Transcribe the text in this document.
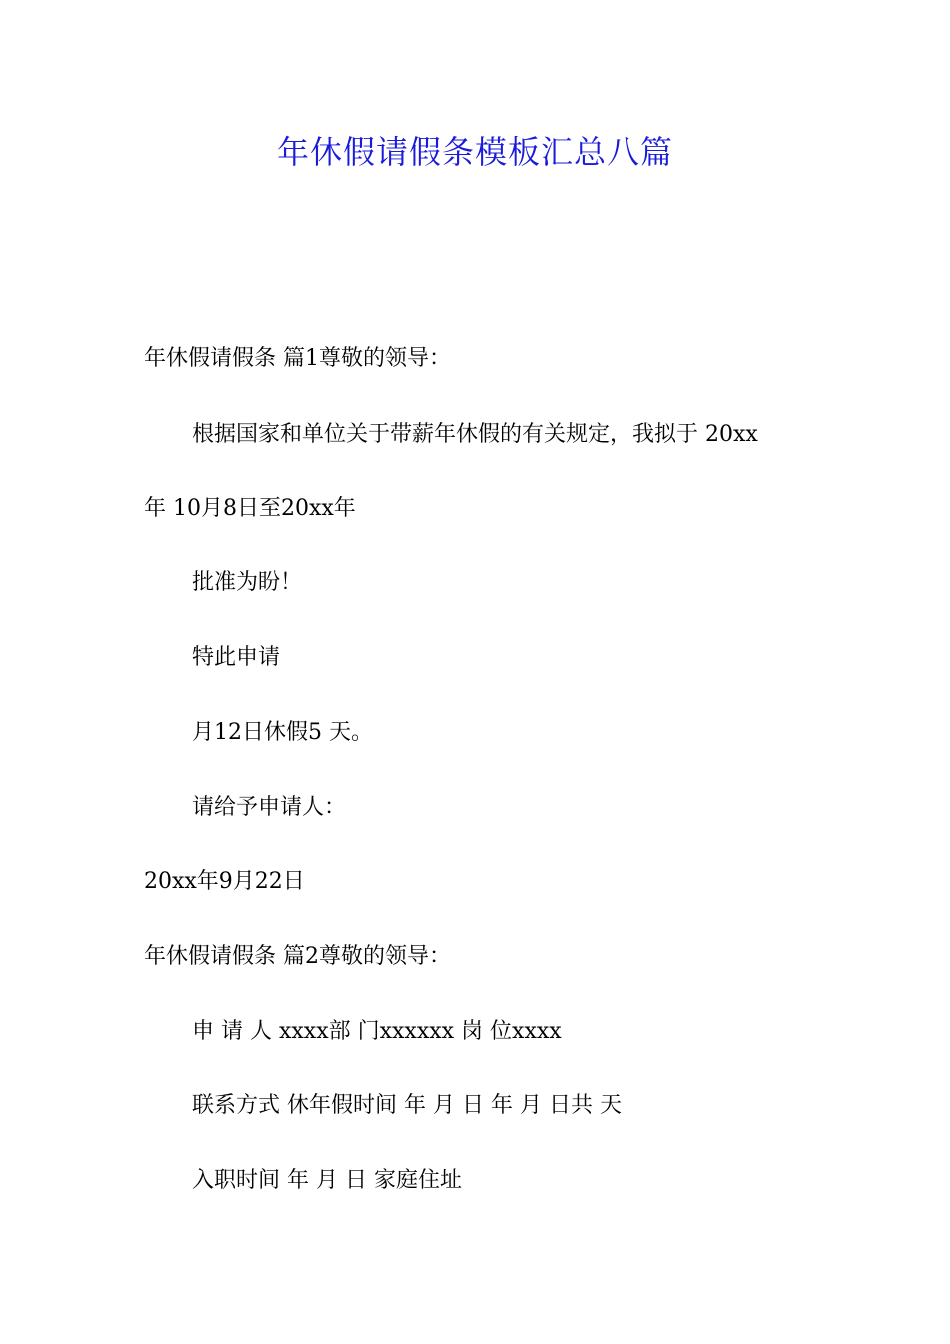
年休假请假条模板汇总八篇
年休假请假条 篇1尊敬的领导：
根据国家和单位关于带薪年休假的有关规定，我拟于 20xx
年 10月8日至20xx年
批准为盼！
特此申请
月12日休假5 天。
请给予申请人：
20xx年9月22日
年休假请假条 篇2尊敬的领导：
申 请 人 xxxx部 门xxxxxx 岗 位xxxx
联系方式 休年假时间 年 月 日 年 月 日共 天
入职时间 年 月 日 家庭住址
